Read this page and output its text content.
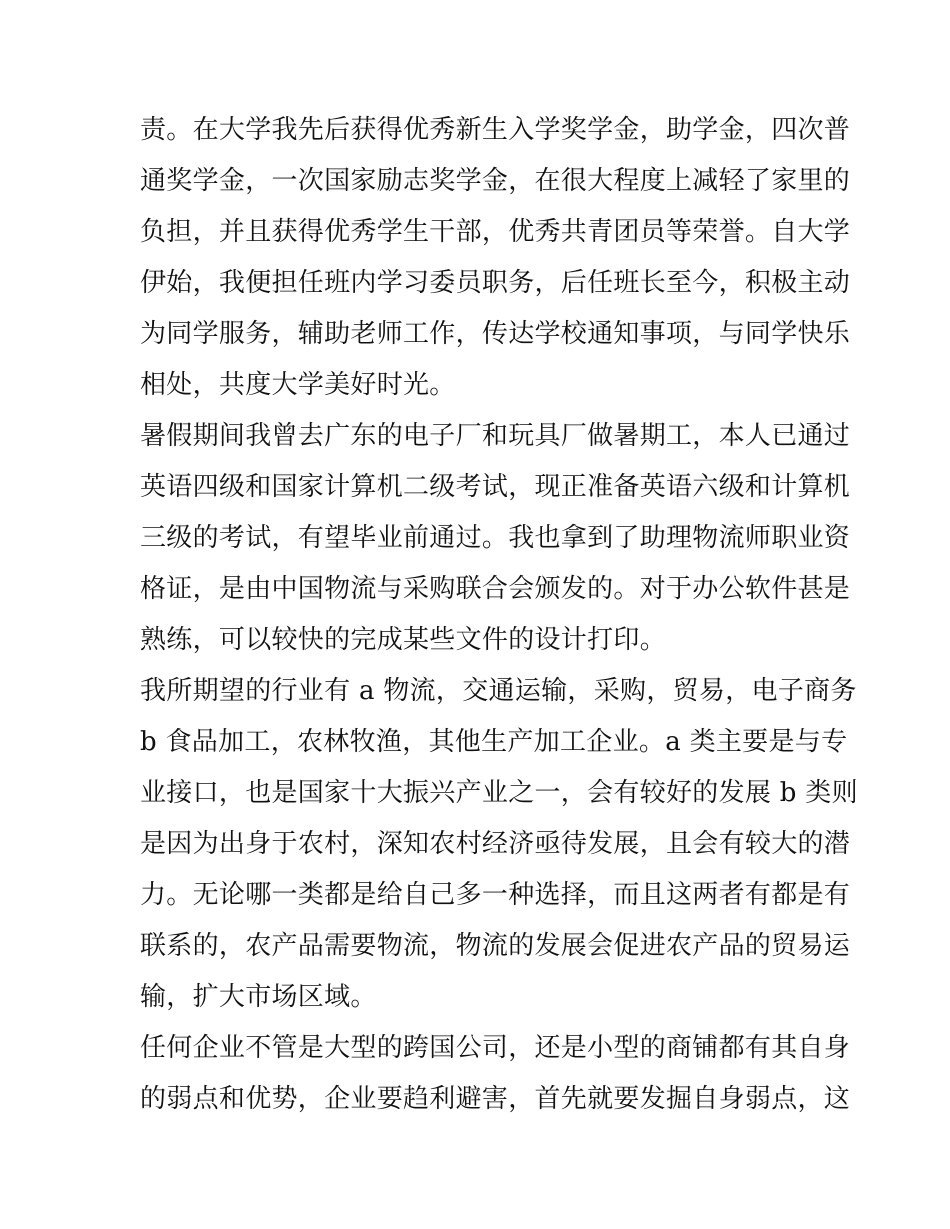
责。在大学我先后获得优秀新生入学奖学金，助学金，四次普
通奖学金，一次国家励志奖学金，在很大程度上减轻了家里的
负担，并且获得优秀学生干部，优秀共青团员等荣誉。自大学
伊始，我便担任班内学习委员职务，后任班长至今，积极主动
为同学服务，辅助老师工作，传达学校通知事项，与同学快乐
相处，共度大学美好时光。
暑假期间我曾去广东的电子厂和玩具厂做暑期工，本人已通过
英语四级和国家计算机二级考试，现正准备英语六级和计算机
三级的考试，有望毕业前通过。我也拿到了助理物流师职业资
格证，是由中国物流与采购联合会颁发的。对于办公软件甚是
熟练，可以较快的完成某些文件的设计打印。
我所期望的行业有 a 物流，交通运输，采购，贸易，电子商务
b 食品加工，农林牧渔，其他生产加工企业。a 类主要是与专
业接口，也是国家十大振兴产业之一，会有较好的发展 b 类则
是因为出身于农村，深知农村经济亟待发展，且会有较大的潜
力。无论哪一类都是给自己多一种选择，而且这两者有都是有
联系的，农产品需要物流，物流的发展会促进农产品的贸易运
输，扩大市场区域。
任何企业不管是大型的跨国公司，还是小型的商铺都有其自身
的弱点和优势，企业要趋利避害，首先就要发掘自身弱点，这
